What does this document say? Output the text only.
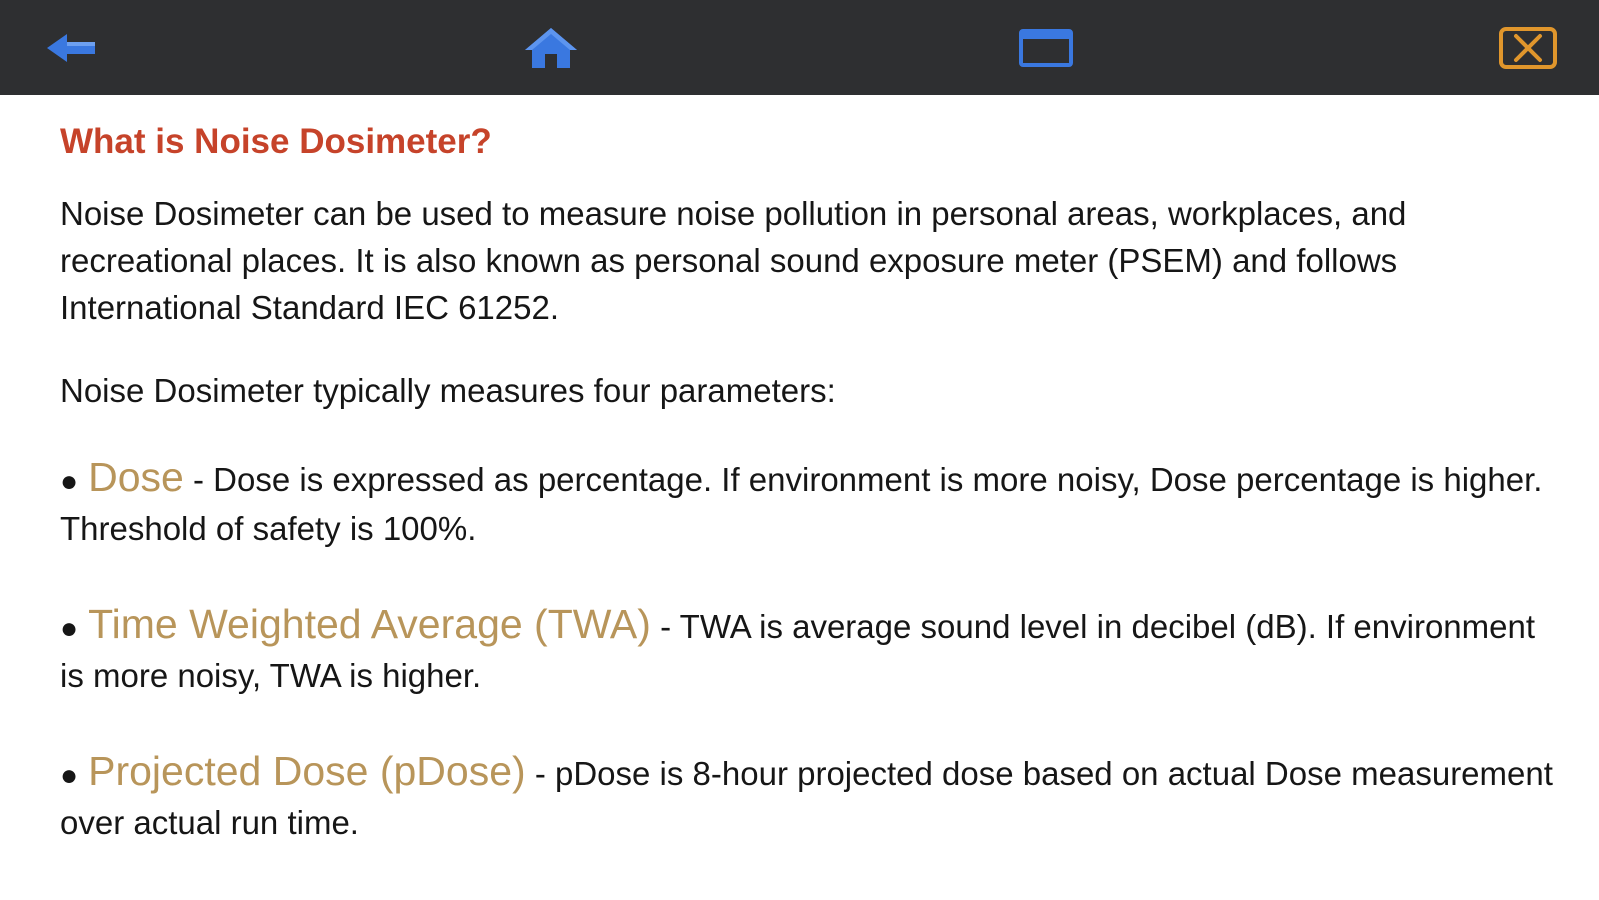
What is Noise Dosimeter?

Noise Dosimeter can be used to measure noise pollution in personal areas, workplaces, and recreational places. It is also known as personal sound exposure meter (PSEM) and follows International Standard IEC 61252.

Noise Dosimeter typically measures four parameters:

● Dose - Dose is expressed as percentage. If environment is more noisy, Dose percentage is higher. Threshold of safety is 100%.

● Time Weighted Average (TWA) - TWA is average sound level in decibel (dB). If environment is more noisy, TWA is higher.

● Projected Dose (pDose) - pDose is 8-hour projected dose based on actual Dose measurement over actual run time.
